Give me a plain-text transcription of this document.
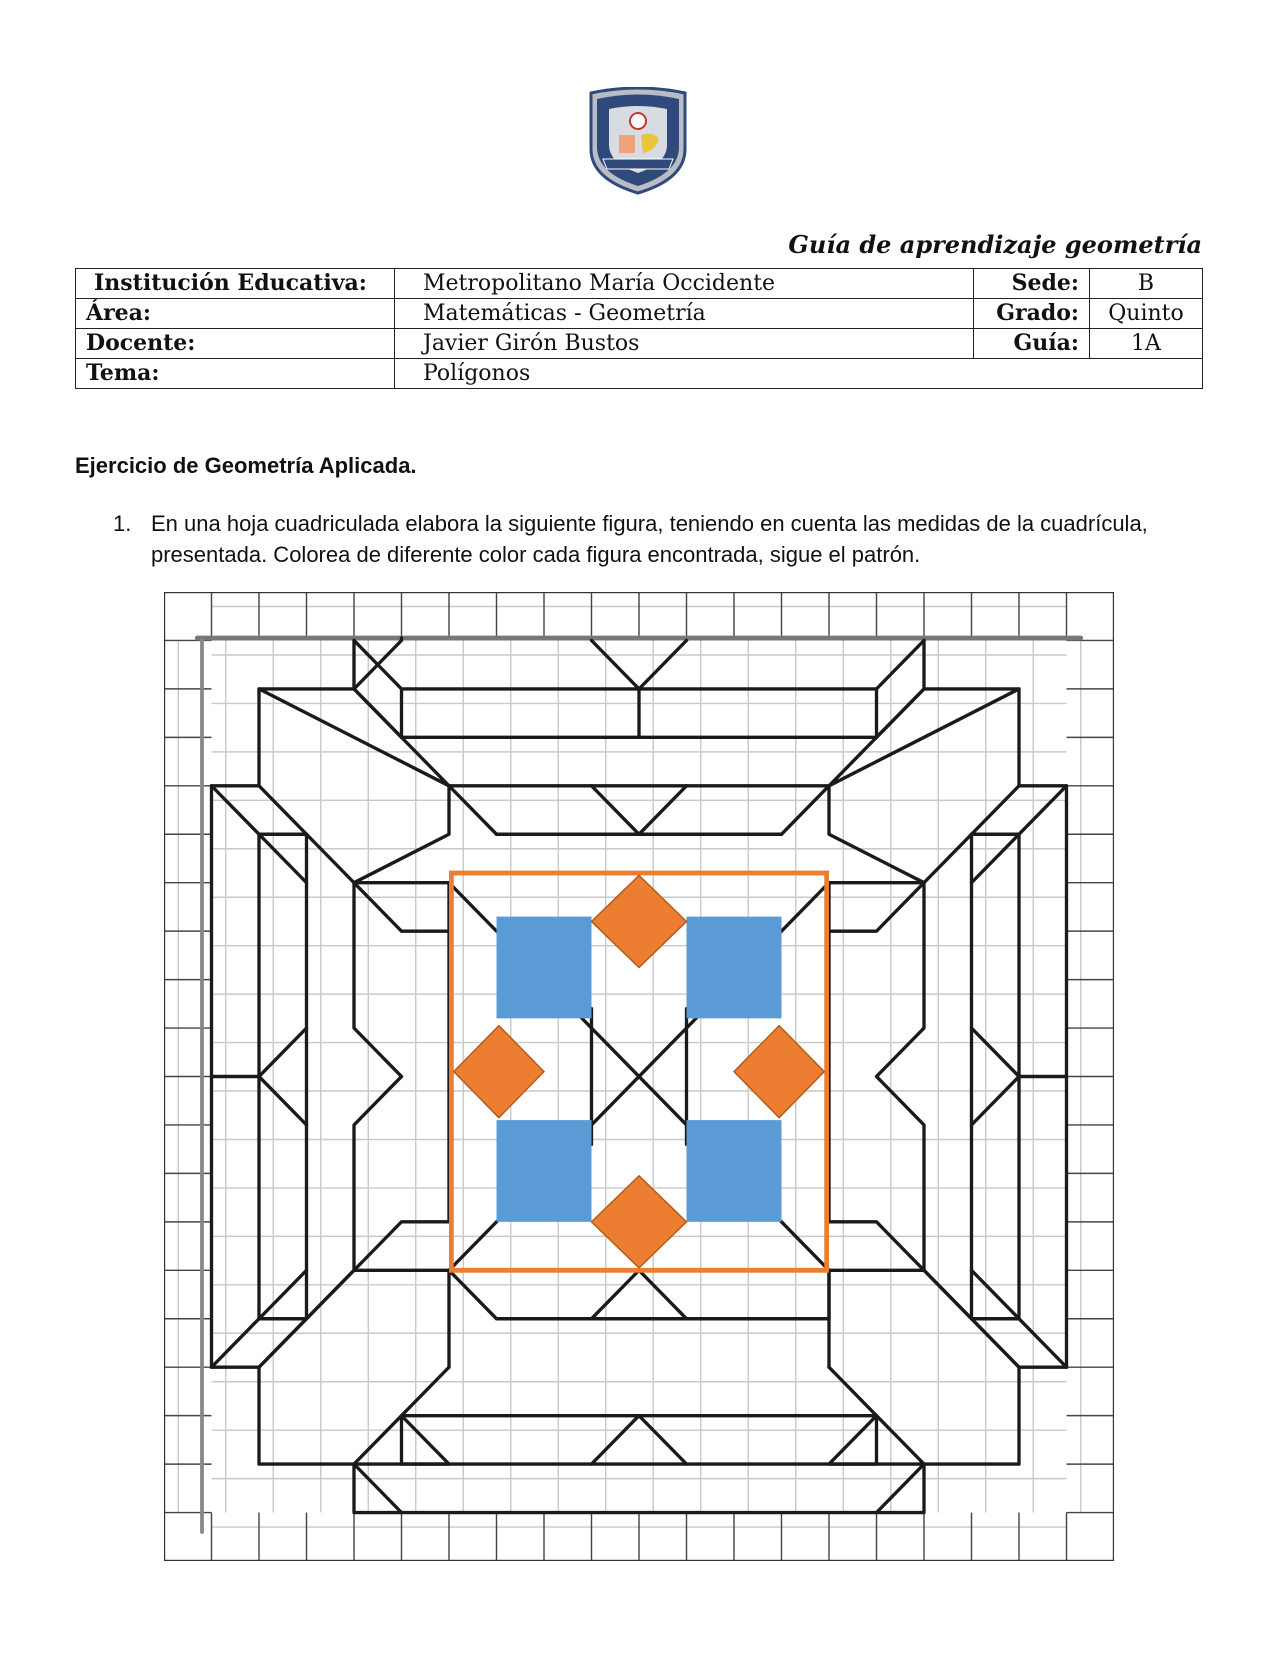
Guía de aprendizaje geometría
Institución Educativa:	Metropolitano María Occidente	Sede:	B
Área:	Matemáticas - Geometría	Grado:	Quinto
Docente:	Javier Girón Bustos	Guía:	1A
Tema:	Polígonos		
Ejercicio de Geometría Aplicada.
1. En una hoja cuadriculada elabora la siguiente figura, teniendo en cuenta las medidas de la cuadrícula, presentada. Colorea de diferente color cada figura encontrada, sigue el patrón.
